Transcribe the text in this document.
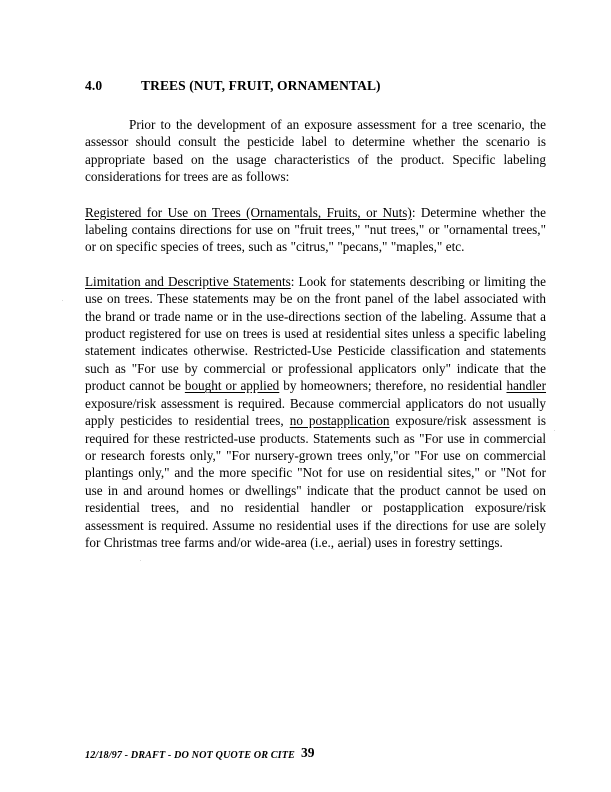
4.0	TREES (NUT, FRUIT, ORNAMENTAL)

Prior to the development of an exposure assessment for a tree scenario, the assessor should consult the pesticide label to determine whether the scenario is appropriate based on the usage characteristics of the product. Specific labeling considerations for trees are as follows:

Registered for Use on Trees (Ornamentals, Fruits, or Nuts): Determine whether the labeling contains directions for use on "fruit trees," "nut trees," or "ornamental trees," or on specific species of trees, such as "citrus," "pecans," "maples," etc.

Limitation and Descriptive Statements: Look for statements describing or limiting the use on trees. These statements may be on the front panel of the label associated with the brand or trade name or in the use-directions section of the labeling. Assume that a product registered for use on trees is used at residential sites unless a specific labeling statement indicates otherwise. Restricted-Use Pesticide classification and statements such as "For use by commercial or professional applicators only" indicate that the product cannot be bought or applied by homeowners; therefore, no residential handler exposure/risk assessment is required. Because commercial applicators do not usually apply pesticides to residential trees, no postapplication exposure/risk assessment is required for these restricted-use products. Statements such as "For use in commercial or research forests only," "For nursery-grown trees only,"or "For use on commercial plantings only," and the more specific "Not for use on residential sites," or "Not for use in and around homes or dwellings" indicate that the product cannot be used on residential trees, and no residential handler or postapplication exposure/risk assessment is required. Assume no residential uses if the directions for use are solely for Christmas tree farms and/or wide-area (i.e., aerial) uses in forestry settings.

12/18/97 - DRAFT - DO NOT QUOTE OR CITE 39
